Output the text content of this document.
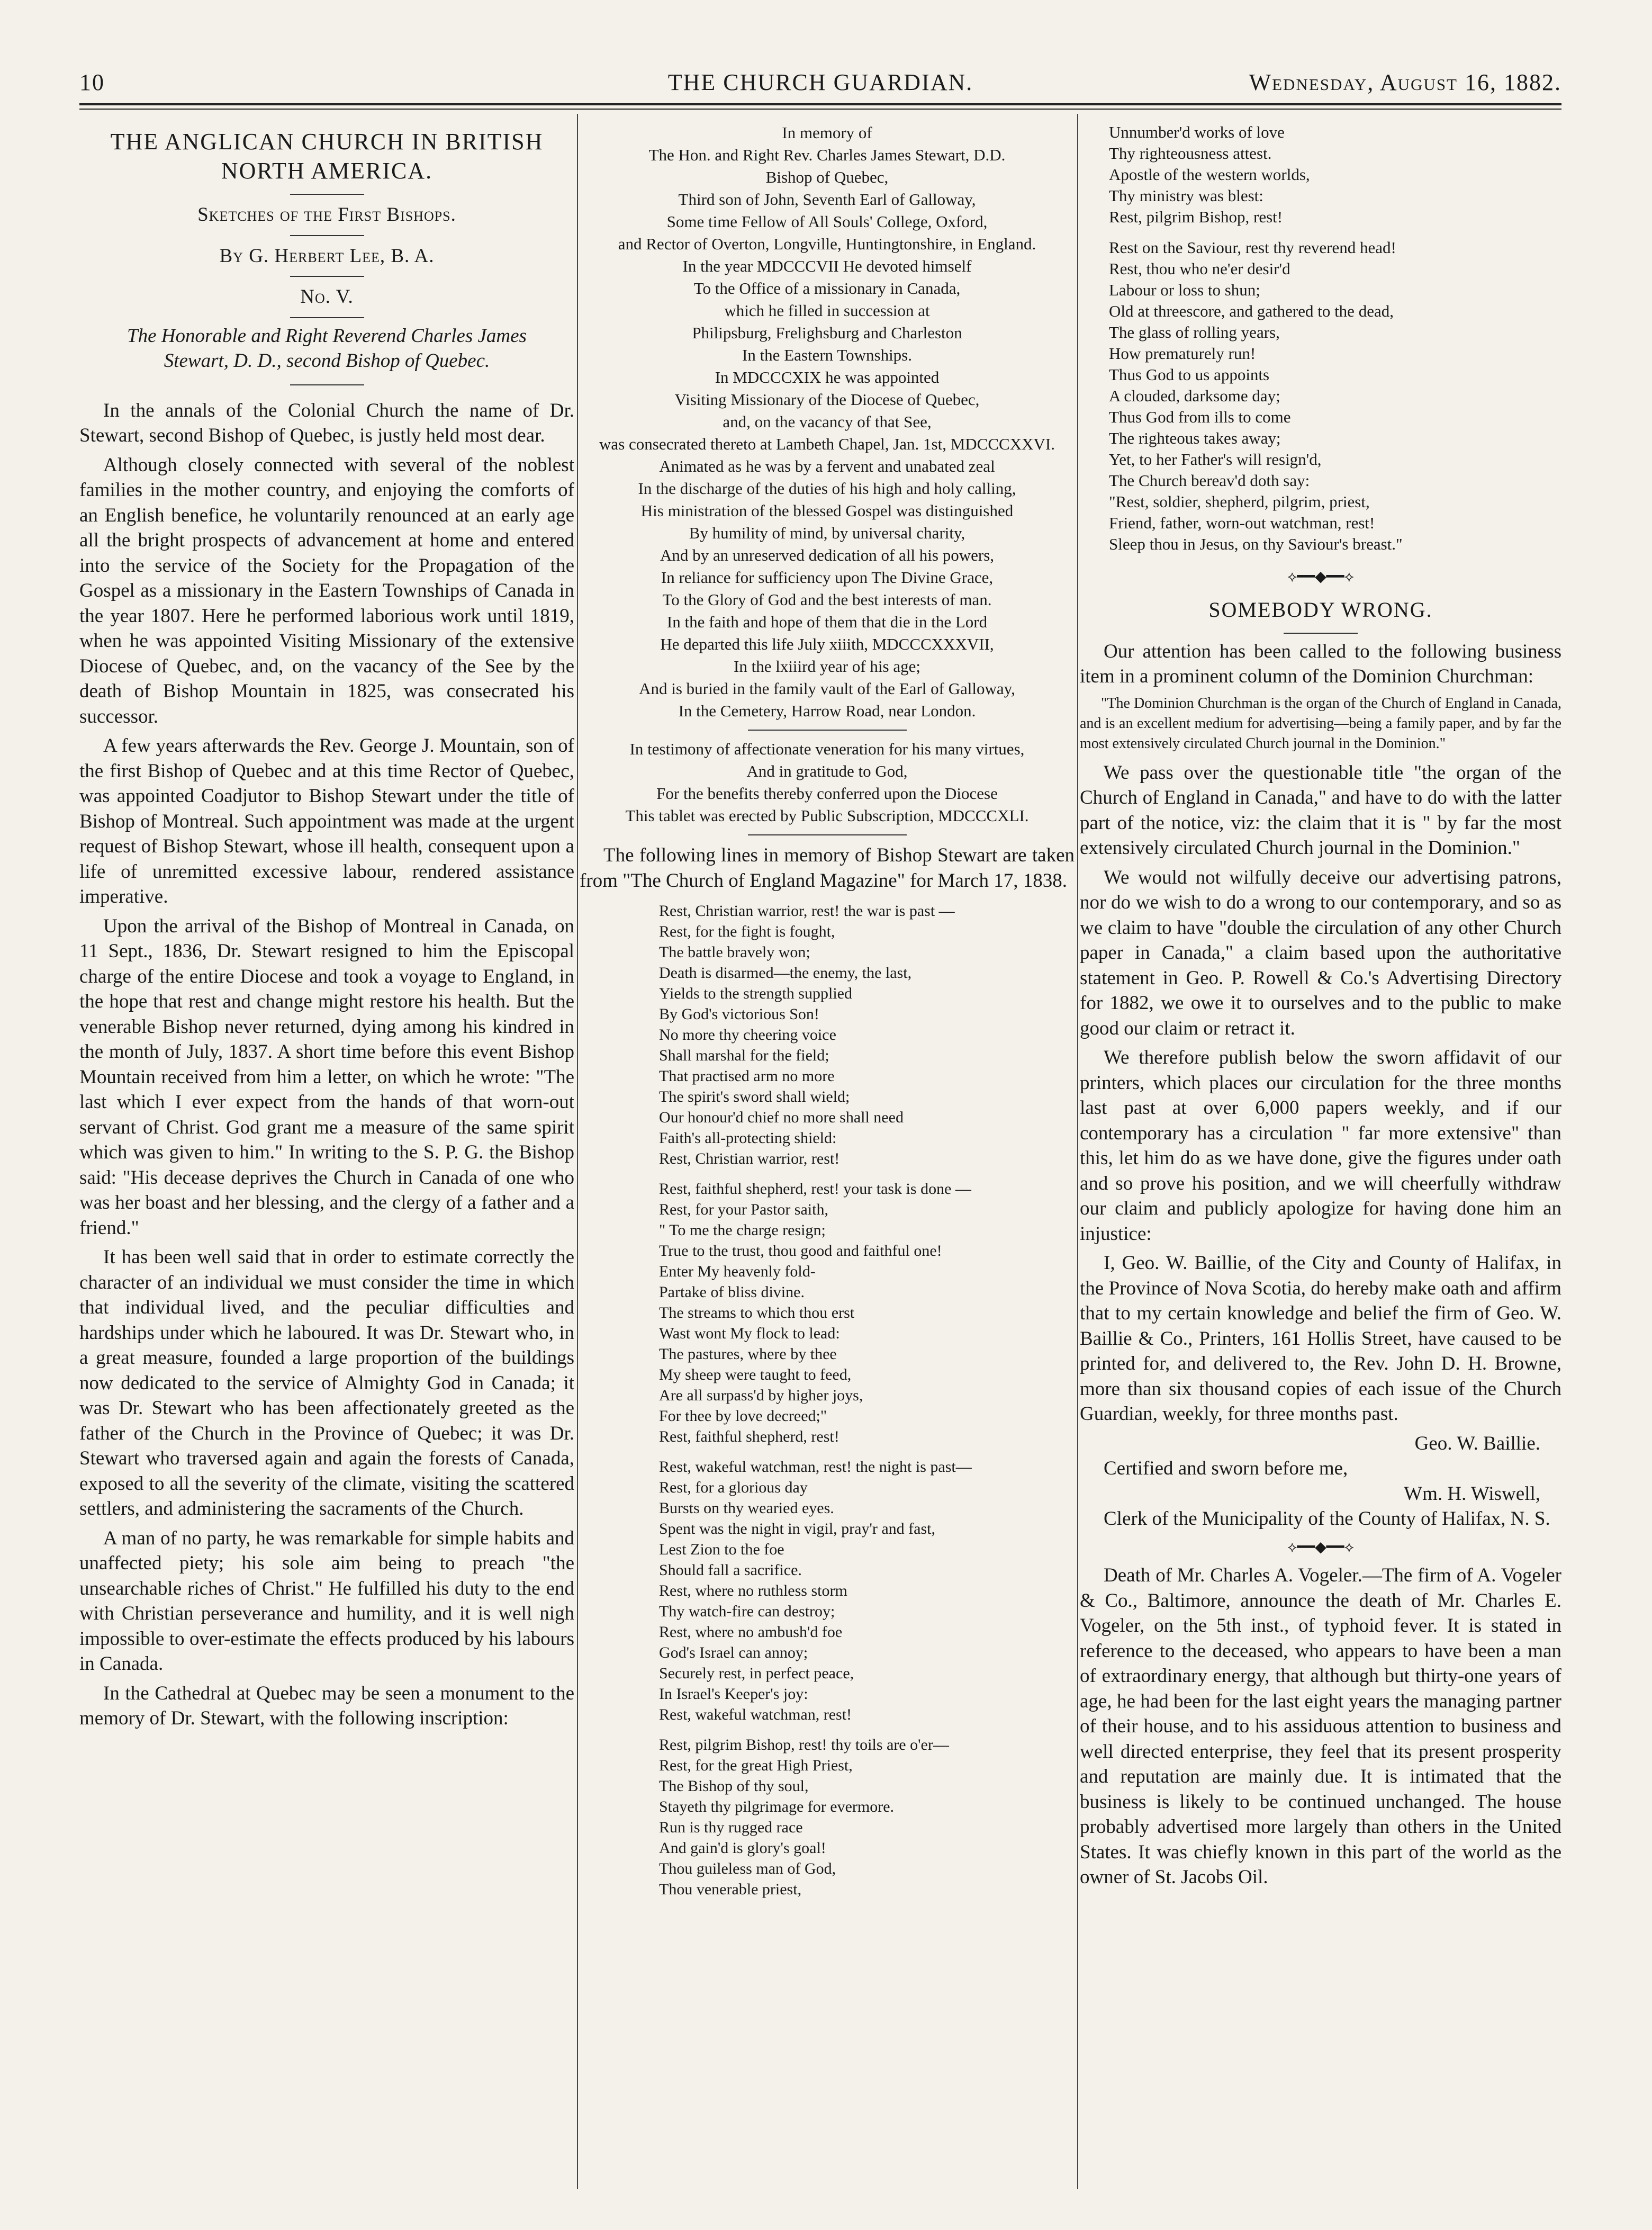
10	THE CHURCH GUARDIAN.	Wednesday, August 16, 1882.
THE ANGLICAN CHURCH IN BRITISH NORTH AMERICA.
Sketches of the First Bishops.
By G. Herbert Lee, B. A.
No. V.
The Honorable and Right Reverend Charles James
Stewart, D. D., second Bishop of Quebec.

In the annals of the Colonial Church the name of Dr. Stewart, second Bishop of Quebec, is justly held most dear.

Although closely connected with several of the noblest families in the mother country, and enjoying the comforts of an English benefice, he voluntarily renounced at an early age all the bright prospects of advancement at home and entered into the service of the Society for the Propagation of the Gospel as a missionary in the Eastern Townships of Canada in the year 1807. Here he performed laborious work until 1819, when he was appointed Visiting Missionary of the extensive Diocese of Quebec, and, on the vacancy of the See by the death of Bishop Mountain in 1825, was consecrated his successor.

A few years afterwards the Rev. George J. Mountain, son of the first Bishop of Quebec and at this time Rector of Quebec, was appointed Coadjutor to Bishop Stewart under the title of Bishop of Montreal. Such appointment was made at the urgent request of Bishop Stewart, whose ill health, consequent upon a life of unremitted excessive labour, rendered assistance imperative.

Upon the arrival of the Bishop of Montreal in Canada, on 11 Sept., 1836, Dr. Stewart resigned to him the Episcopal charge of the entire Diocese and took a voyage to England, in the hope that rest and change might restore his health. But the venerable Bishop never returned, dying among his kindred in the month of July, 1837. A short time before this event Bishop Mountain received from him a letter, on which he wrote: "The last which I ever expect from the hands of that worn-out servant of Christ. God grant me a measure of the same spirit which was given to him." In writing to the S. P. G. the Bishop said: "His decease deprives the Church in Canada of one who was her boast and her blessing, and the clergy of a father and a friend."

It has been well said that in order to estimate correctly the character of an individual we must consider the time in which that individual lived, and the peculiar difficulties and hardships under which he laboured. It was Dr. Stewart who, in a great measure, founded a large proportion of the buildings now dedicated to the service of Almighty God in Canada; it was Dr. Stewart who has been affectionately greeted as the father of the Church in the Province of Quebec; it was Dr. Stewart who traversed again and again the forests of Canada, exposed to all the severity of the climate, visiting the scattered settlers, and administering the sacraments of the Church.

A man of no party, he was remarkable for simple habits and unaffected piety; his sole aim being to preach "the unsearchable riches of Christ." He fulfilled his duty to the end with Christian perseverance and humility, and it is well nigh impossible to over-estimate the effects produced by his labours in Canada.

In the Cathedral at Quebec may be seen a monument to the memory of Dr. Stewart, with the following inscription:

In memory of
The Hon. and Right Rev. Charles James Stewart, D.D.
Bishop of Quebec,
Third son of John, Seventh Earl of Galloway,
Some time Fellow of All Souls' College, Oxford,
and Rector of Overton, Longville, Huntingtonshire, in England.
In the year MDCCCVII He devoted himself
To the Office of a missionary in Canada,
which he filled in succession at
Philipsburg, Frelighsburg and Charleston
In the Eastern Townships.
In MDCCCXIX he was appointed
Visiting Missionary of the Diocese of Quebec,
and, on the vacancy of that See,
was consecrated thereto at Lambeth Chapel, Jan. 1st, MDCCCXXVI.
Animated as he was by a fervent and unabated zeal
In the discharge of the duties of his high and holy calling,
His ministration of the blessed Gospel was distinguished
By humility of mind, by universal charity,
And by an unreserved dedication of all his powers,
In reliance for sufficiency upon The Divine Grace,
To the Glory of God and the best interests of man.
In the faith and hope of them that die in the Lord
He departed this life July xiiith, MDCCCXXXVII,
In the lxiiird year of his age;
And is buried in the family vault of the Earl of Galloway,
In the Cemetery, Harrow Road, near London.
In testimony of affectionate veneration for his many virtues,
And in gratitude to God,
For the benefits thereby conferred upon the Diocese
This tablet was erected by Public Subscription, MDCCCXLI.

The following lines in memory of Bishop Stewart are taken from "The Church of England Magazine" for March 17, 1838.

Rest, Christian warrior, rest! the war is past —
Rest, for the fight is fought,
The battle bravely won;
Death is disarmed—the enemy, the last,
Yields to the strength supplied
By God's victorious Son!
No more thy cheering voice
Shall marshal for the field;
That practised arm no more
The spirit's sword shall wield;
Our honour'd chief no more shall need
Faith's all-protecting shield:
Rest, Christian warrior, rest!
Rest, faithful shepherd, rest! your task is done —
Rest, for your Pastor saith,
" To me the charge resign;
True to the trust, thou good and faithful one!
Enter My heavenly fold-
Partake of bliss divine.
The streams to which thou erst
Wast wont My flock to lead:
The pastures, where by thee
My sheep were taught to feed,
Are all surpass'd by higher joys,
For thee by love decreed;"
Rest, faithful shepherd, rest!
Rest, wakeful watchman, rest! the night is past—
Rest, for a glorious day
Bursts on thy wearied eyes.
Spent was the night in vigil, pray'r and fast,
Lest Zion to the foe
Should fall a sacrifice.
Rest, where no ruthless storm
Thy watch-fire can destroy;
Rest, where no ambush'd foe
God's Israel can annoy;
Securely rest, in perfect peace,
In Israel's Keeper's joy:
Rest, wakeful watchman, rest!
Rest, pilgrim Bishop, rest! thy toils are o'er—
Rest, for the great High Priest,
The Bishop of thy soul,
Stayeth thy pilgrimage for evermore.
Run is thy rugged race
And gain'd is glory's goal!
Thou guileless man of God,
Thou venerable priest,
Unnumber'd works of love
Thy righteousness attest.
Apostle of the western worlds,
Thy ministry was blest:
Rest, pilgrim Bishop, rest!
Rest on the Saviour, rest thy reverend head!
Rest, thou who ne'er desir'd
Labour or loss to shun;
Old at threescore, and gathered to the dead,
The glass of rolling years,
How prematurely run!
Thus God to us appoints
A clouded, darksome day;
Thus God from ills to come
The righteous takes away;
Yet, to her Father's will resign'd,
The Church bereav'd doth say:
"Rest, soldier, shepherd, pilgrim, priest,
Friend, father, worn-out watchman, rest!
Sleep thou in Jesus, on thy Saviour's breast."
⟡━━◆━━⟡
SOMEBODY WRONG.

Our attention has been called to the following business item in a prominent column of the Dominion Churchman:

"The Dominion Churchman is the organ of the Church of England in Canada, and is an excellent medium for advertising—being a family paper, and by far the most extensively circulated Church journal in the Dominion."

We pass over the questionable title "the organ of the Church of England in Canada," and have to do with the latter part of the notice, viz: the claim that it is " by far the most extensively circulated Church journal in the Dominion."

We would not wilfully deceive our advertising patrons, nor do we wish to do a wrong to our contemporary, and so as we claim to have "double the circulation of any other Church paper in Canada," a claim based upon the authoritative statement in Geo. P. Rowell & Co.'s Advertising Directory for 1882, we owe it to ourselves and to the public to make good our claim or retract it.

We therefore publish below the sworn affidavit of our printers, which places our circulation for the three months last past at over 6,000 papers weekly, and if our contemporary has a circulation " far more extensive" than this, let him do as we have done, give the figures under oath and so prove his position, and we will cheerfully withdraw our claim and publicly apologize for having done him an injustice:

I, Geo. W. Baillie, of the City and County of Halifax, in the Province of Nova Scotia, do hereby make oath and affirm that to my certain knowledge and belief the firm of Geo. W. Baillie & Co., Printers, 161 Hollis Street, have caused to be printed for, and delivered to, the Rev. John D. H. Browne, more than six thousand copies of each issue of the Church Guardian, weekly, for three months past.

Geo. W. Baillie.
Certified and sworn before me,
Wm. H. Wiswell,
Clerk of the Municipality of the County of Halifax, N. S.
⟡━━◆━━⟡

Death of Mr. Charles A. Vogeler.—The firm of A. Vogeler & Co., Baltimore, announce the death of Mr. Charles E. Vogeler, on the 5th inst., of typhoid fever. It is stated in reference to the deceased, who appears to have been a man of extraordinary energy, that although but thirty-one years of age, he had been for the last eight years the managing partner of their house, and to his assiduous attention to business and well directed enterprise, they feel that its present prosperity and reputation are mainly due. It is intimated that the business is likely to be continued unchanged. The house probably advertised more largely than others in the United States. It was chiefly known in this part of the world as the owner of St. Jacobs Oil.
